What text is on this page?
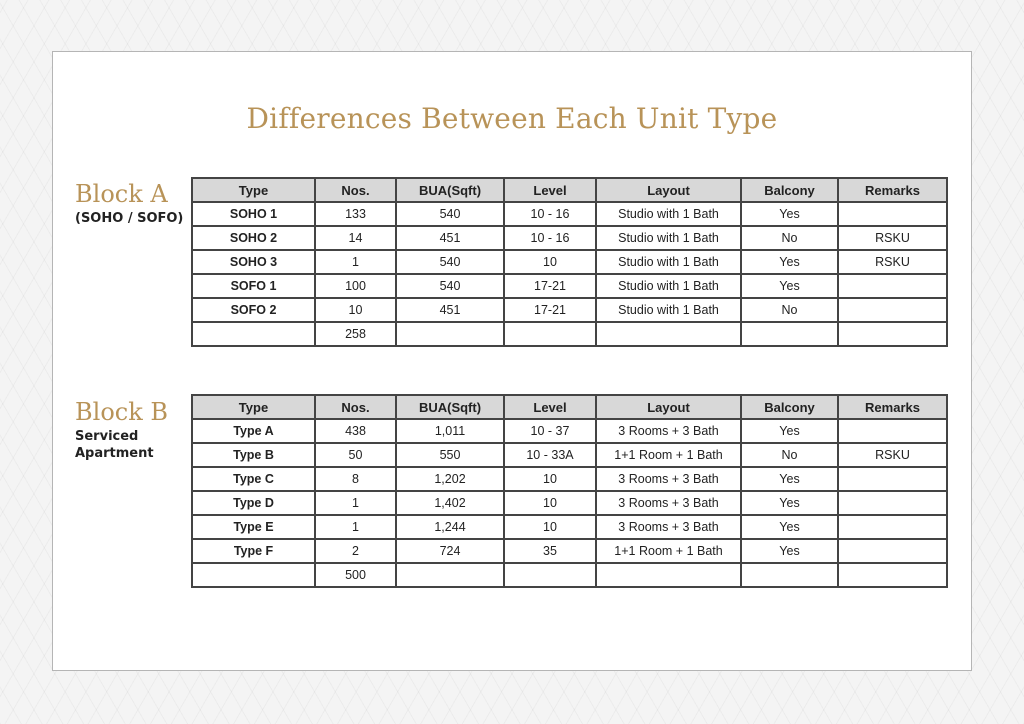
Differences Between Each Unit Type
Block A
(SOHO / SOFO)
Type	Nos.	BUA(Sqft)	Level	Layout	Balcony	Remarks
SOHO 1	133	540	10 - 16	Studio with 1 Bath	Yes	
SOHO 2	14	451	10 - 16	Studio with 1 Bath	No	RSKU
SOHO 3	1	540	10	Studio with 1 Bath	Yes	RSKU
SOFO 1	100	540	17-21	Studio with 1 Bath	Yes	
SOFO 2	10	451	17-21	Studio with 1 Bath	No	
	258					
Block B
Serviced Apartment
Type	Nos.	BUA(Sqft)	Level	Layout	Balcony	Remarks
Type A	438	1,011	10 - 37	3 Rooms + 3 Bath	Yes	
Type B	50	550	10 - 33A	1+1 Room + 1 Bath	No	RSKU
Type C	8	1,202	10	3 Rooms + 3 Bath	Yes	
Type D	1	1,402	10	3 Rooms + 3 Bath	Yes	
Type E	1	1,244	10	3 Rooms + 3 Bath	Yes	
Type F	2	724	35	1+1 Room + 1 Bath	Yes	
	500					
